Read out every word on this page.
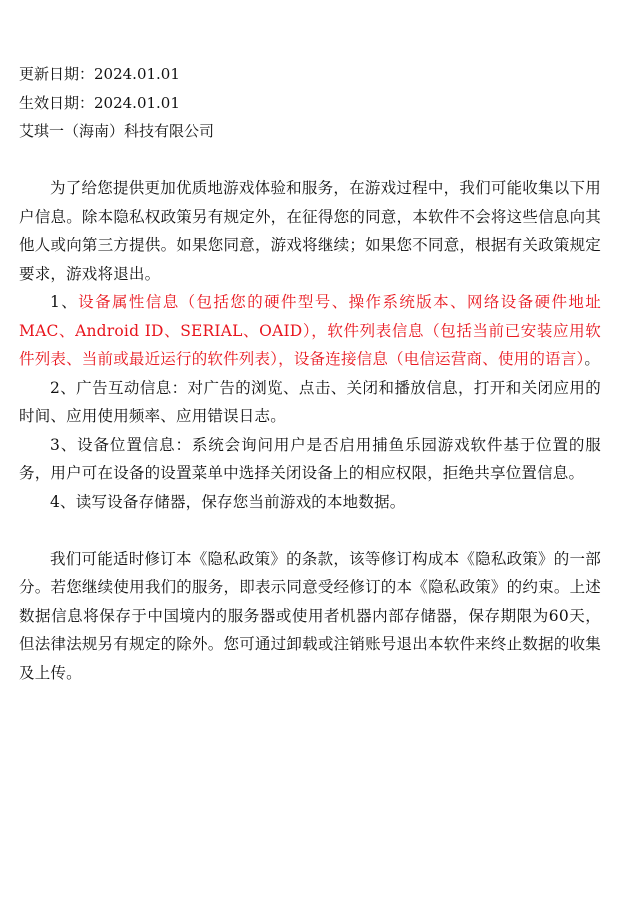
更新日期：2024.01.01
生效日期：2024.01.01
艾琪一（海南）科技有限公司

为了给您提供更加优质地游戏体验和服务，在游戏过程中，我们可能收集以下用户信息。除本隐私权政策另有规定外，在征得您的同意，本软件不会将这些信息向其他人或向第三方提供。如果您同意，游戏将继续；如果您不同意，根据有关政策规定要求，游戏将退出。

1、设备属性信息（包括您的硬件型号、操作系统版本、网络设备硬件地址MAC、Android ID、SERIAL、OAID），软件列表信息（包括当前已安装应用软件列表、当前或最近运行的软件列表），设备连接信息（电信运营商、使用的语言）。

2、广告互动信息：对广告的浏览、点击、关闭和播放信息，打开和关闭应用的时间、应用使用频率、应用错误日志。

3、设备位置信息：系统会询问用户是否启用捕鱼乐园游戏软件基于位置的服务，用户可在设备的设置菜单中选择关闭设备上的相应权限，拒绝共享位置信息。

4、读写设备存储器，保存您当前游戏的本地数据。

我们可能适时修订本《隐私政策》的条款，该等修订构成本《隐私政策》的一部分。若您继续使用我们的服务，即表示同意受经修订的本《隐私政策》的约束。上述数据信息将保存于中国境内的服务器或使用者机器内部存储器，保存期限为60天，但法律法规另有规定的除外。您可通过卸载或注销账号退出本软件来终止数据的收集及上传。
